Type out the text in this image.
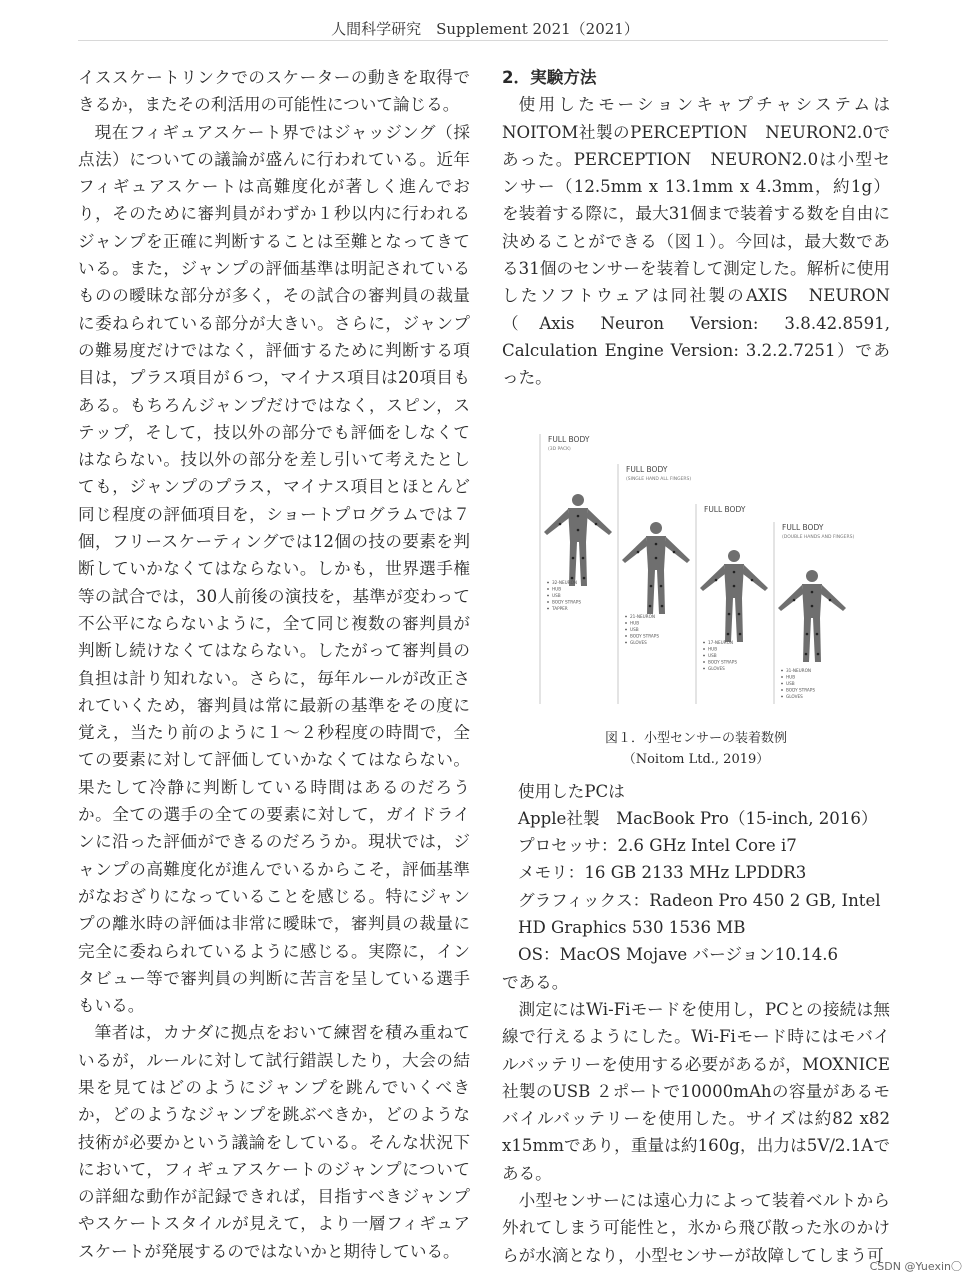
人間科学研究　Supplement 2021（2021）

イススケートリンクでのスケーターの動きを取得できるか，またその利活用の可能性について論じる。

現在フィギュアスケート界ではジャッジング（採点法）についての議論が盛んに行われている。近年フィギュアスケートは高難度化が著しく進んでおり，そのために審判員がわずか１秒以内に行われるジャンプを正確に判断することは至難となってきている。また，ジャンプの評価基準は明記されているものの曖昧な部分が多く，その試合の審判員の裁量に委ねられている部分が大きい。さらに，ジャンプの難易度だけではなく，評価するために判断する項目は，プラス項目が６つ，マイナス項目は20項目もある。もちろんジャンプだけではなく，スピン，ステップ，そして，技以外の部分でも評価をしなくてはならない。技以外の部分を差し引いて考えたとしても，ジャンプのプラス，マイナス項目とほとんど同じ程度の評価項目を，ショートプログラムでは７個，フリースケーティングでは12個の技の要素を判断していかなくてはならない。しかも，世界選手権等の試合では，30人前後の演技を，基準が変わって不公平にならないように，全て同じ複数の審判員が判断し続けなくてはならない。したがって審判員の負担は計り知れない。さらに，毎年ルールが改正されていくため，審判員は常に最新の基準をその度に覚え，当たり前のように１～２秒程度の時間で，全ての要素に対して評価していかなくてはならない。果たして冷静に判断している時間はあるのだろうか。全ての選手の全ての要素に対して，ガイドラインに沿った評価ができるのだろうか。現状では，ジャンプの高難度化が進んでいるからこそ，評価基準がなおざりになっていることを感じる。特にジャンプの離氷時の評価は非常に曖昧で，審判員の裁量に完全に委ねられているように感じる。実際に，インタビュー等で審判員の判断に苦言を呈している選手もいる。

筆者は，カナダに拠点をおいて練習を積み重ねているが，ルールに対して試行錯誤したり，大会の結果を見てはどのようにジャンプを跳んでいくべきか，どのようなジャンプを跳ぶべきか，どのような技術が必要かという議論をしている。そんな状況下において，フィギュアスケートのジャンプについての詳細な動作が記録できれば，目指すべきジャンプやスケートスタイルが見えて，より一層フィギュアスケートが発展するのではないかと期待している。

2．実験方法

使用したモーションキャプチャシステムはNOITOM社製のPERCEPTION　NEURON2.0であった。PERCEPTION　NEURON2.0は小型センサー（12.5mm x 13.1mm x 4.3mm，約1g）を装着する際に，最大31個まで装着する数を自由に決めることができる（図１）。今回は，最大数である31個のセンサーを装着して測定した。解析に使用したソフトウェアは同社製のAXIS　NEURON（Axis Neuron Version: 3.8.42.8591, Calculation Engine Version: 3.2.2.7251）であった。

FULL BODY
(3D PACK)
32-NEURON
HUB
USB
BODY STRAPS
TAPPER
FULL BODY
(SINGLE HAND ALL FINGERS)
21-NEURON
HUB
USB
BODY STRAPS
GLOVES
FULL BODY
17-NEURON
HUB
USB
BODY STRAPS
GLOVES
FULL BODY
(DOUBLE HANDS AND FINGERS)
31-NEURON
HUB
USB
BODY STRAPS
GLOVES
図１．小型センサーの装着数例
（Noitom Ltd., 2019）
使用したPCは
Apple社製　MacBook Pro（15-inch, 2016）
プロセッサ：2.6 GHz Intel Core i7
メモリ：16 GB 2133 MHz LPDDR3
グラフィックス：Radeon Pro 450 2 GB, Intel
HD Graphics 530 1536 MB
OS：MacOS Mojave バージョン10.14.6

である。

測定にはWi-Fiモードを使用し，PCとの接続は無線で行えるようにした。Wi-Fiモード時にはモバイルバッテリーを使用する必要があるが，MOXNICE社製のUSB ２ポートで10000mAhの容量があるモバイルバッテリーを使用した。サイズは約82 x82 x15mmであり，重量は約160g，出力は5V/2.1Aである。

小型センサーには遠心力によって装着ベルトから外れてしまう可能性と，氷から飛び散った氷のかけらが水滴となり，小型センサーが故障してしまう可

CSDN @Yuexin〇
